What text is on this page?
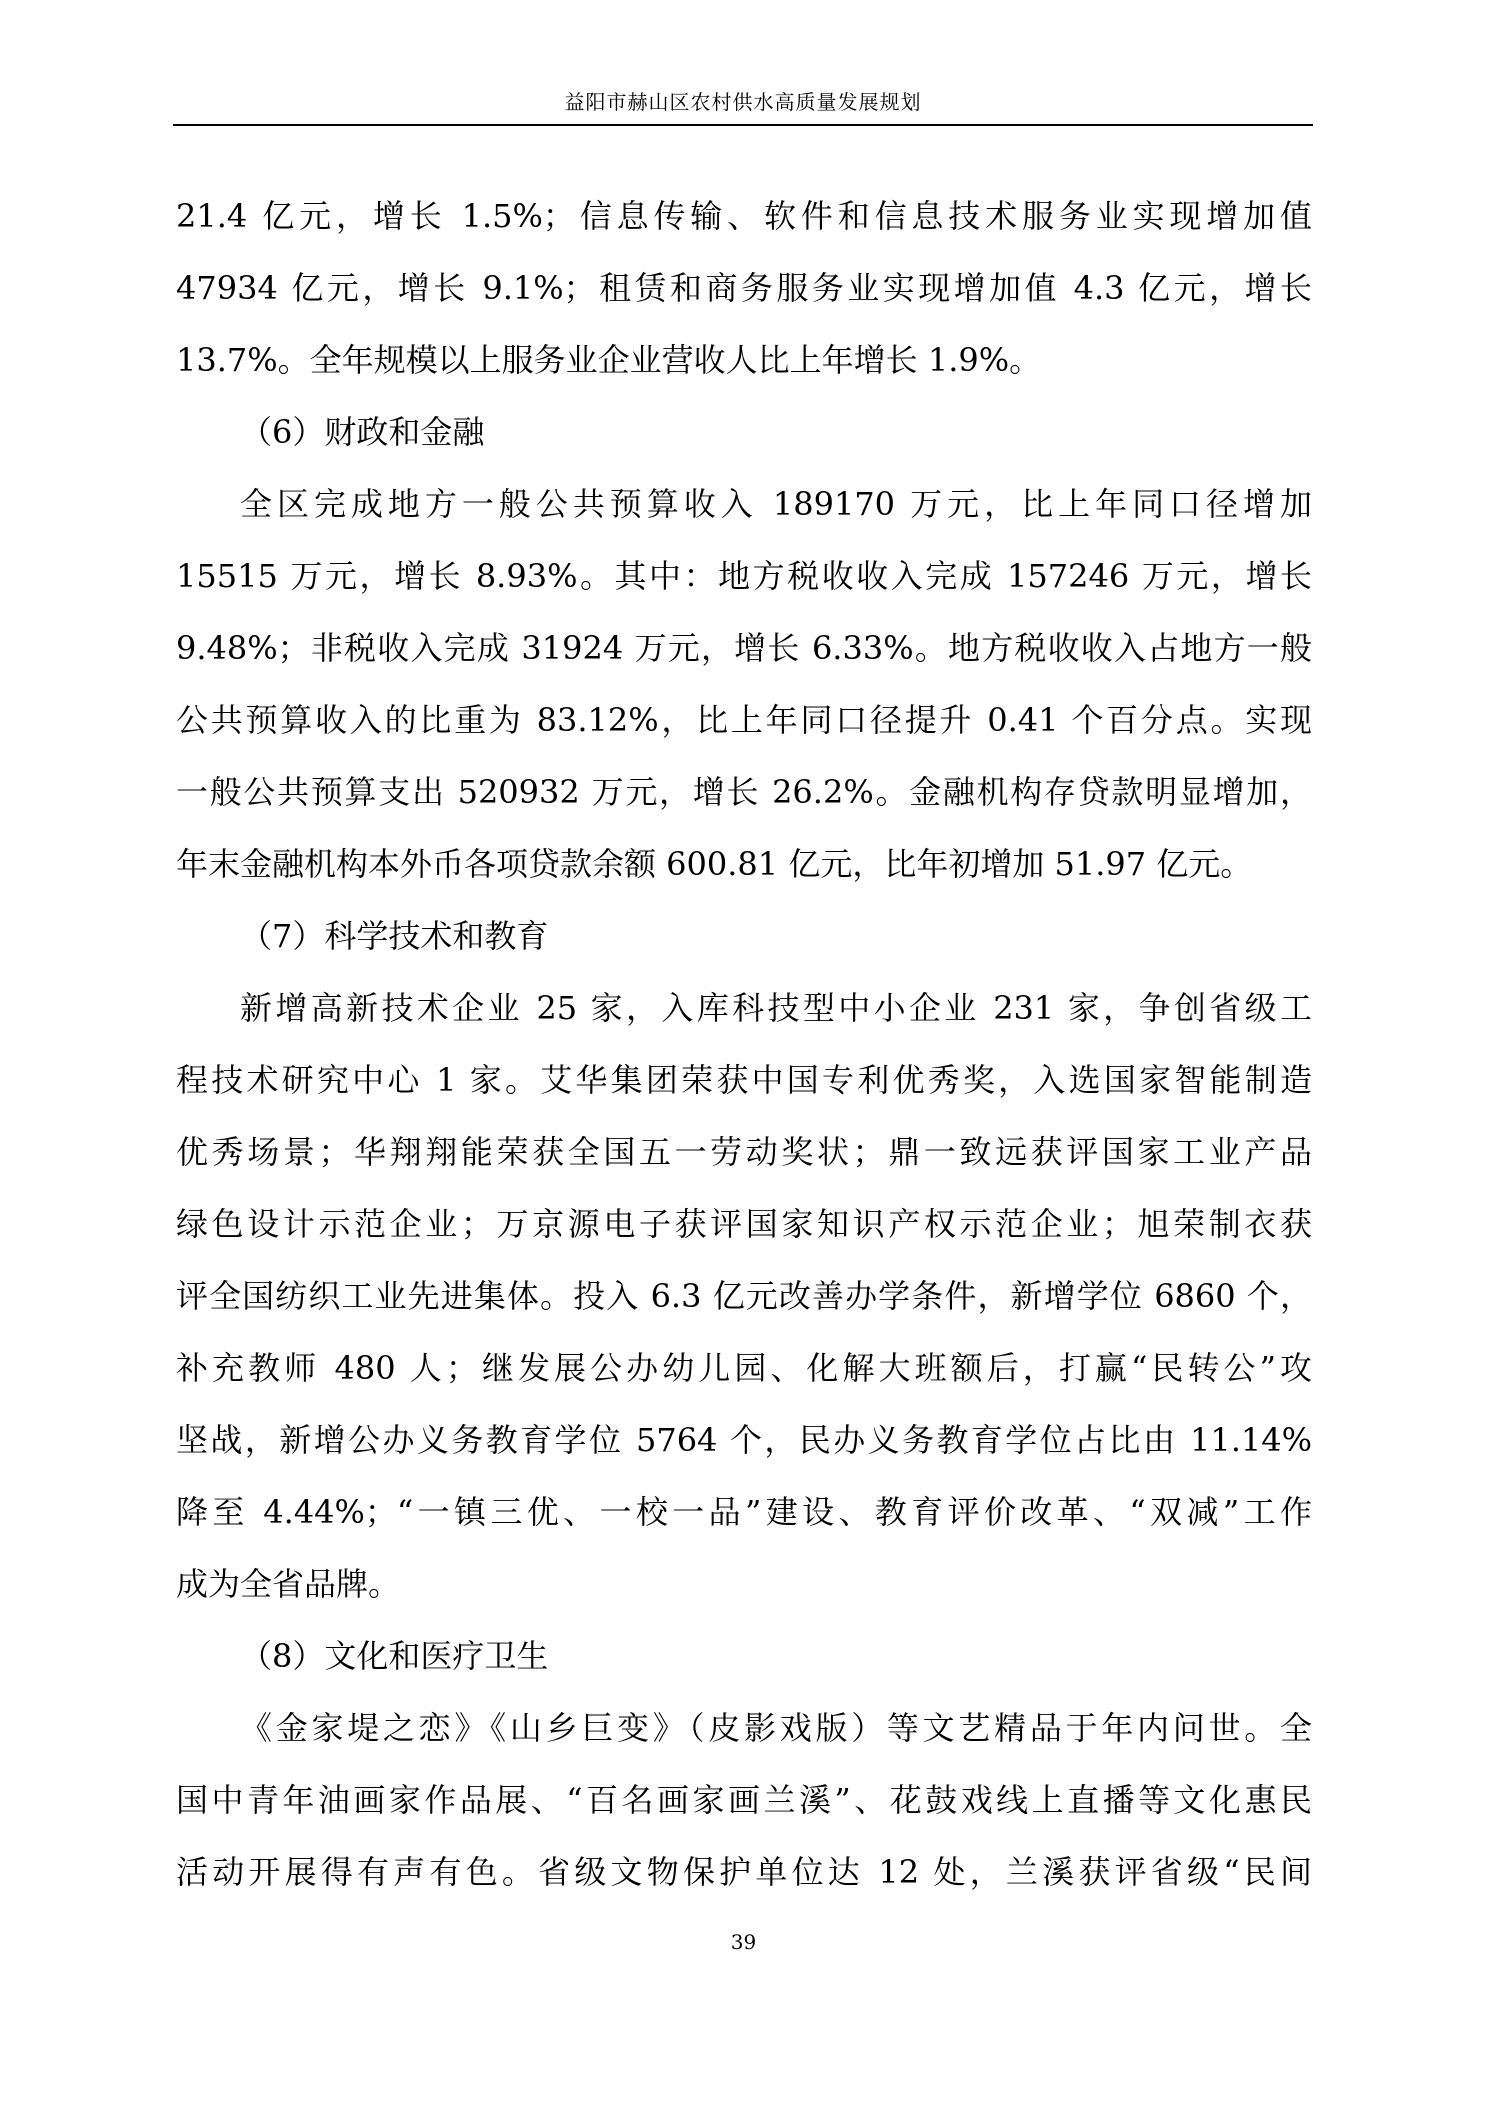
益阳市赫山区农村供水高质量发展规划
21.4 亿元，增长 1.5%；信息传输、软件和信息技术服务业实现增加值
47934 亿元，增长 9.1%；租赁和商务服务业实现增加值 4.3 亿元，增长
13.7%。全年规模以上服务业企业营收人比上年增长 1.9%。
（6）财政和金融
全区完成地方一般公共预算收入 189170 万元，比上年同口径增加
15515 万元，增长 8.93%。其中：地方税收收入完成 157246 万元，增长
9.48%；非税收入完成 31924 万元，增长 6.33%。地方税收收入占地方一般
公共预算收入的比重为 83.12%，比上年同口径提升 0.41 个百分点。实现
一般公共预算支出 520932 万元，增长 26.2%。金融机构存贷款明显增加，
年末金融机构本外币各项贷款余额 600.81 亿元，比年初增加 51.97 亿元。
（7）科学技术和教育
新增高新技术企业 25 家，入库科技型中小企业 231 家，争创省级工
程技术研究中心 1 家。艾华集团荣获中国专利优秀奖，入选国家智能制造
优秀场景；华翔翔能荣获全国五一劳动奖状；鼎一致远获评国家工业产品
绿色设计示范企业；万京源电子获评国家知识产权示范企业；旭荣制衣获
评全国纺织工业先进集体。投入 6.3 亿元改善办学条件，新增学位 6860 个，
补充教师 480 人；继发展公办幼儿园、化解大班额后，打赢“民转公”攻
坚战，新增公办义务教育学位 5764 个，民办义务教育学位占比由 11.14%
降至 4.44%；“一镇三优、一校一品”建设、教育评价改革、“双减”工作
成为全省品牌。
（8）文化和医疗卫生
《金家堤之恋》《山乡巨变》（皮影戏版）等文艺精品于年内问世。全
国中青年油画家作品展、“百名画家画兰溪”、花鼓戏线上直播等文化惠民
活动开展得有声有色。省级文物保护单位达 12 处，兰溪获评省级“民间
39
